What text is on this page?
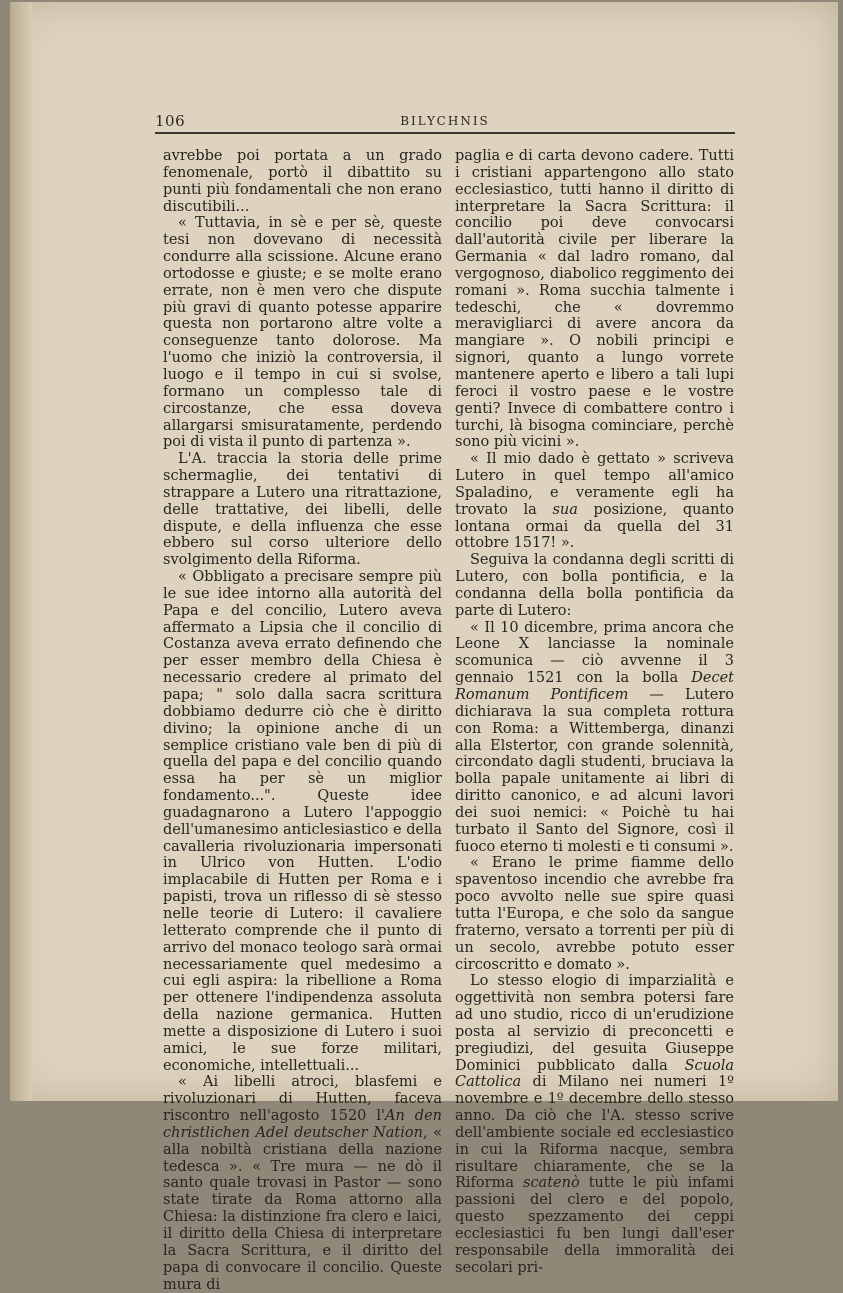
106	BILYCHNIS

avrebbe poi portata a un grado fenomenale, portò il dibattito su punti più fondamentali che non erano discutibili...

« Tuttavia, in sè e per sè, queste tesi non dovevano di necessità condurre alla scissione. Alcune erano ortodosse e giuste; e se molte erano errate, non è men vero che dispute più gravi di quanto potesse apparire questa non portarono altre volte a conseguenze tanto dolorose. Ma l'uomo che iniziò la controversia, il luogo e il tempo in cui si svolse, formano un complesso tale di circostanze, che essa doveva allargarsi smisuratamente, perdendo poi di vista il punto di partenza ».

L'A. traccia la storia delle prime schermaglie, dei tentativi di strappare a Lutero una ritrattazione, delle trattative, dei libelli, delle dispute, e della influenza che esse ebbero sul corso ulteriore dello svolgimento della Riforma.

« Obbligato a precisare sempre più le sue idee intorno alla autorità del Papa e del concilio, Lutero aveva affermato a Lipsia che il concilio di Costanza aveva errato definendo che per esser membro della Chiesa è necessario credere al primato del papa; " solo dalla sacra scrittura dobbiamo dedurre ciò che è diritto divino; la opinione anche di un semplice cristiano vale ben di più di quella del papa e del concilio quando essa ha per sè un miglior fondamento...". Queste idee guadagnarono a Lutero l'appoggio dell'umanesimo anticlesiastico e della cavalleria rivoluzionaria impersonati in Ulrico von Hutten. L'odio implacabile di Hutten per Roma e i papisti, trova un riflesso di sè stesso nelle teorie di Lutero: il cavaliere letterato comprende che il punto di arrivo del monaco teologo sarà ormai necessariamente quel medesimo a cui egli aspira: la ribellione a Roma per ottenere l'indipendenza assoluta della nazione germanica. Hutten mette a disposizione di Lutero i suoi amici, le sue forze militari, economiche, intellettuali...

« Ai libelli atroci, blasfemi e rivoluzionari di Hutten, faceva riscontro nell'agosto 1520 l'An den christlichen Adel deutscher Nation, « alla nobiltà cristiana della nazione tedesca ». « Tre mura — ne dò il santo quale trovasi in Pastor — sono state tirate da Roma attorno alla Chiesa: la distinzione fra clero e laici, il diritto della Chiesa di interpretare la Sacra Scrittura, e il diritto del papa di convocare il concilio. Queste mura di

paglia e di carta devono cadere. Tutti i cristiani appartengono allo stato ecclesiastico, tutti hanno il diritto di interpretare la Sacra Scrittura: il concilio poi deve convocarsi dall'autorità civile per liberare la Germania « dal ladro romano, dal vergognoso, diabolico reggimento dei romani ». Roma succhia talmente i tedeschi, che « dovremmo meravigliarci di avere ancora da mangiare ». O nobili principi e signori, quanto a lungo vorrete mantenere aperto e libero a tali lupi feroci il vostro paese e le vostre genti? Invece di combattere contro i turchi, là bisogna cominciare, perchè sono più vicini ».

« Il mio dado è gettato » scriveva Lutero in quel tempo all'amico Spaladino, e veramente egli ha trovato la sua posizione, quanto lontana ormai da quella del 31 ottobre 1517! ».

Seguiva la condanna degli scritti di Lutero, con bolla pontificia, e la condanna della bolla pontificia da parte di Lutero:

« Il 10 dicembre, prima ancora che Leone X lanciasse la nominale scomunica — ciò avvenne il 3 gennaio 1521 con la bolla Decet Romanum Pontificem — Lutero dichiarava la sua completa rottura con Roma: a Wittemberga, dinanzi alla Elstertor, con grande solennità, circondato dagli studenti, bruciava la bolla papale unitamente ai libri di diritto canonico, e ad alcuni lavori dei suoi nemici: « Poichè tu hai turbato il Santo del Signore, così il fuoco eterno ti molesti e ti consumi ».

« Erano le prime fiamme dello spaventoso incendio che avrebbe fra poco avvolto nelle sue spire quasi tutta l'Europa, e che solo da sangue fraterno, versato a torrenti per più di un secolo, avrebbe potuto esser circoscritto e domato ».

Lo stesso elogio di imparzialità e oggettività non sembra potersi fare ad uno studio, ricco di un'erudizione posta al servizio di preconcetti e pregiudizi, del gesuita Giuseppe Dominici pubblicato dalla Scuola Cattolica di Milano nei numeri 1º novembre e 1º decembre dello stesso anno. Da ciò che l'A. stesso scrive dell'ambiente sociale ed ecclesiastico in cui la Riforma nacque, sembra risultare chiaramente, che se la Riforma scatenò tutte le più infami passioni del clero e del popolo, questo spezzamento dei ceppi ecclesiastici fu ben lungi dall'eser responsabile della immoralità dei secolari pri-
